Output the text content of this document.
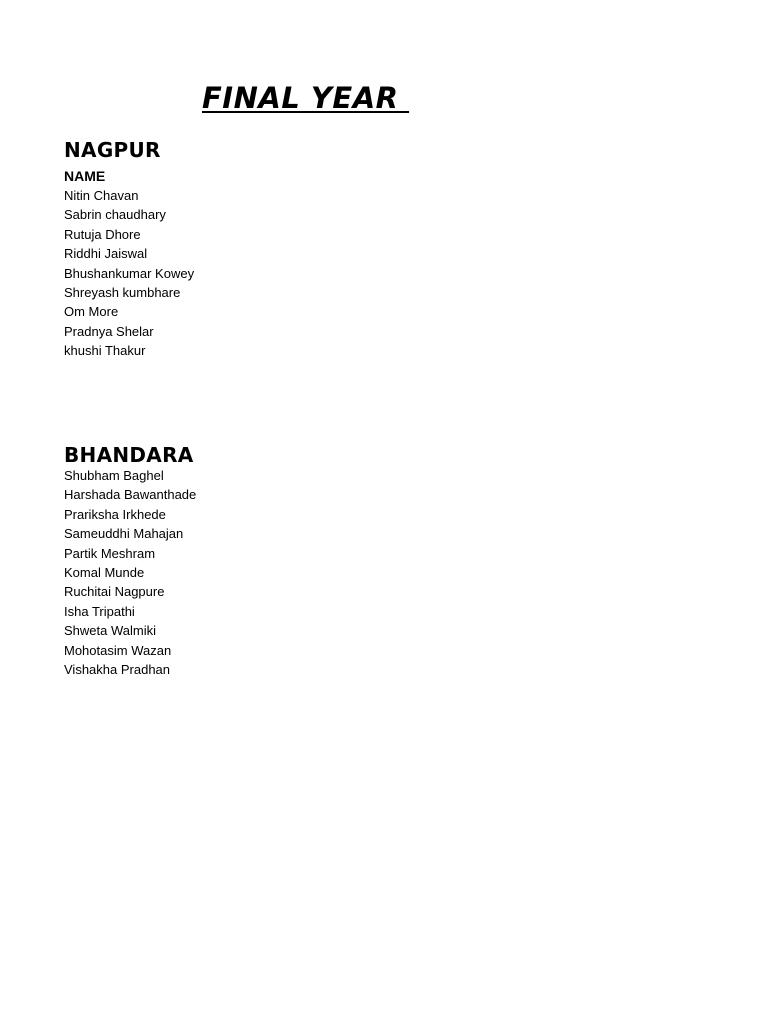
FINAL YEAR
NAGPUR
NAME
Nitin Chavan
Sabrin chaudhary
Rutuja Dhore
Riddhi Jaiswal
Bhushankumar Kowey
Shreyash kumbhare
Om More
Pradnya Shelar
khushi Thakur
BHANDARA
Shubham Baghel
Harshada Bawanthade
Prariksha Irkhede
Sameuddhi Mahajan
Partik Meshram
Komal Munde
Ruchitai Nagpure
Isha Tripathi
Shweta Walmiki
Mohotasim Wazan
Vishakha Pradhan
